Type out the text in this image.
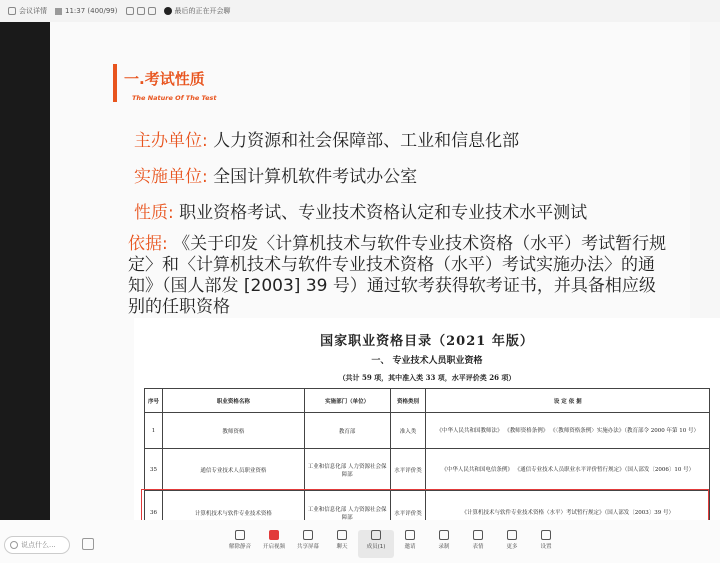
会议详情	11:37 (400/99)	最后的正在开会聊
一.考试性质
The Nature Of The Test
主办单位: 人力资源和社会保障部、工业和信息化部
实施单位: 全国计算机软件考试办公室
性质: 职业资格考试、专业技术资格认定和专业技术水平测试
依据: 《关于印发〈计算机技术与软件专业技术资格（水平）考试暂行规定〉和〈计算机技术与软件专业技术资格（水平）考试实施办法〉的通知》（国人部发 [2003] 39 号）通过软考获得软考证书，并具备相应级别的任职资格
国家职业资格目录（2021 年版）
一、 专业技术人员职业资格
（共计 59 项，其中准入类 33 项，水平评价类 26 项）
序号	职业资格名称	实施部门（单位）	资格类别	设 定 依 据
1	教师资格	教育部	准入类	《中华人民共和国教师法》 《教师资格条例》 《〈教师资格条例〉实施办法》（教育部令 2000 年第 10 号）
35	通信专业技术人员职业资格	工业和信息化部 人力资源社会保障部	水平评价类	《中华人民共和国电信条例》 《通信专业技术人员职业水平评价暂行规定》（国人部发〔2006〕10 号）
36	计算机技术与软件专业技术资格	工业和信息化部 人力资源社会保障部	水平评价类	《计算机技术与软件专业技术资格（水平）考试暂行规定》（国人部发〔2003〕39 号）
说点什么...	解除静音 开启视频 共享屏幕	聊天	成员(1)	邀请	录制	表情	更多	设置
